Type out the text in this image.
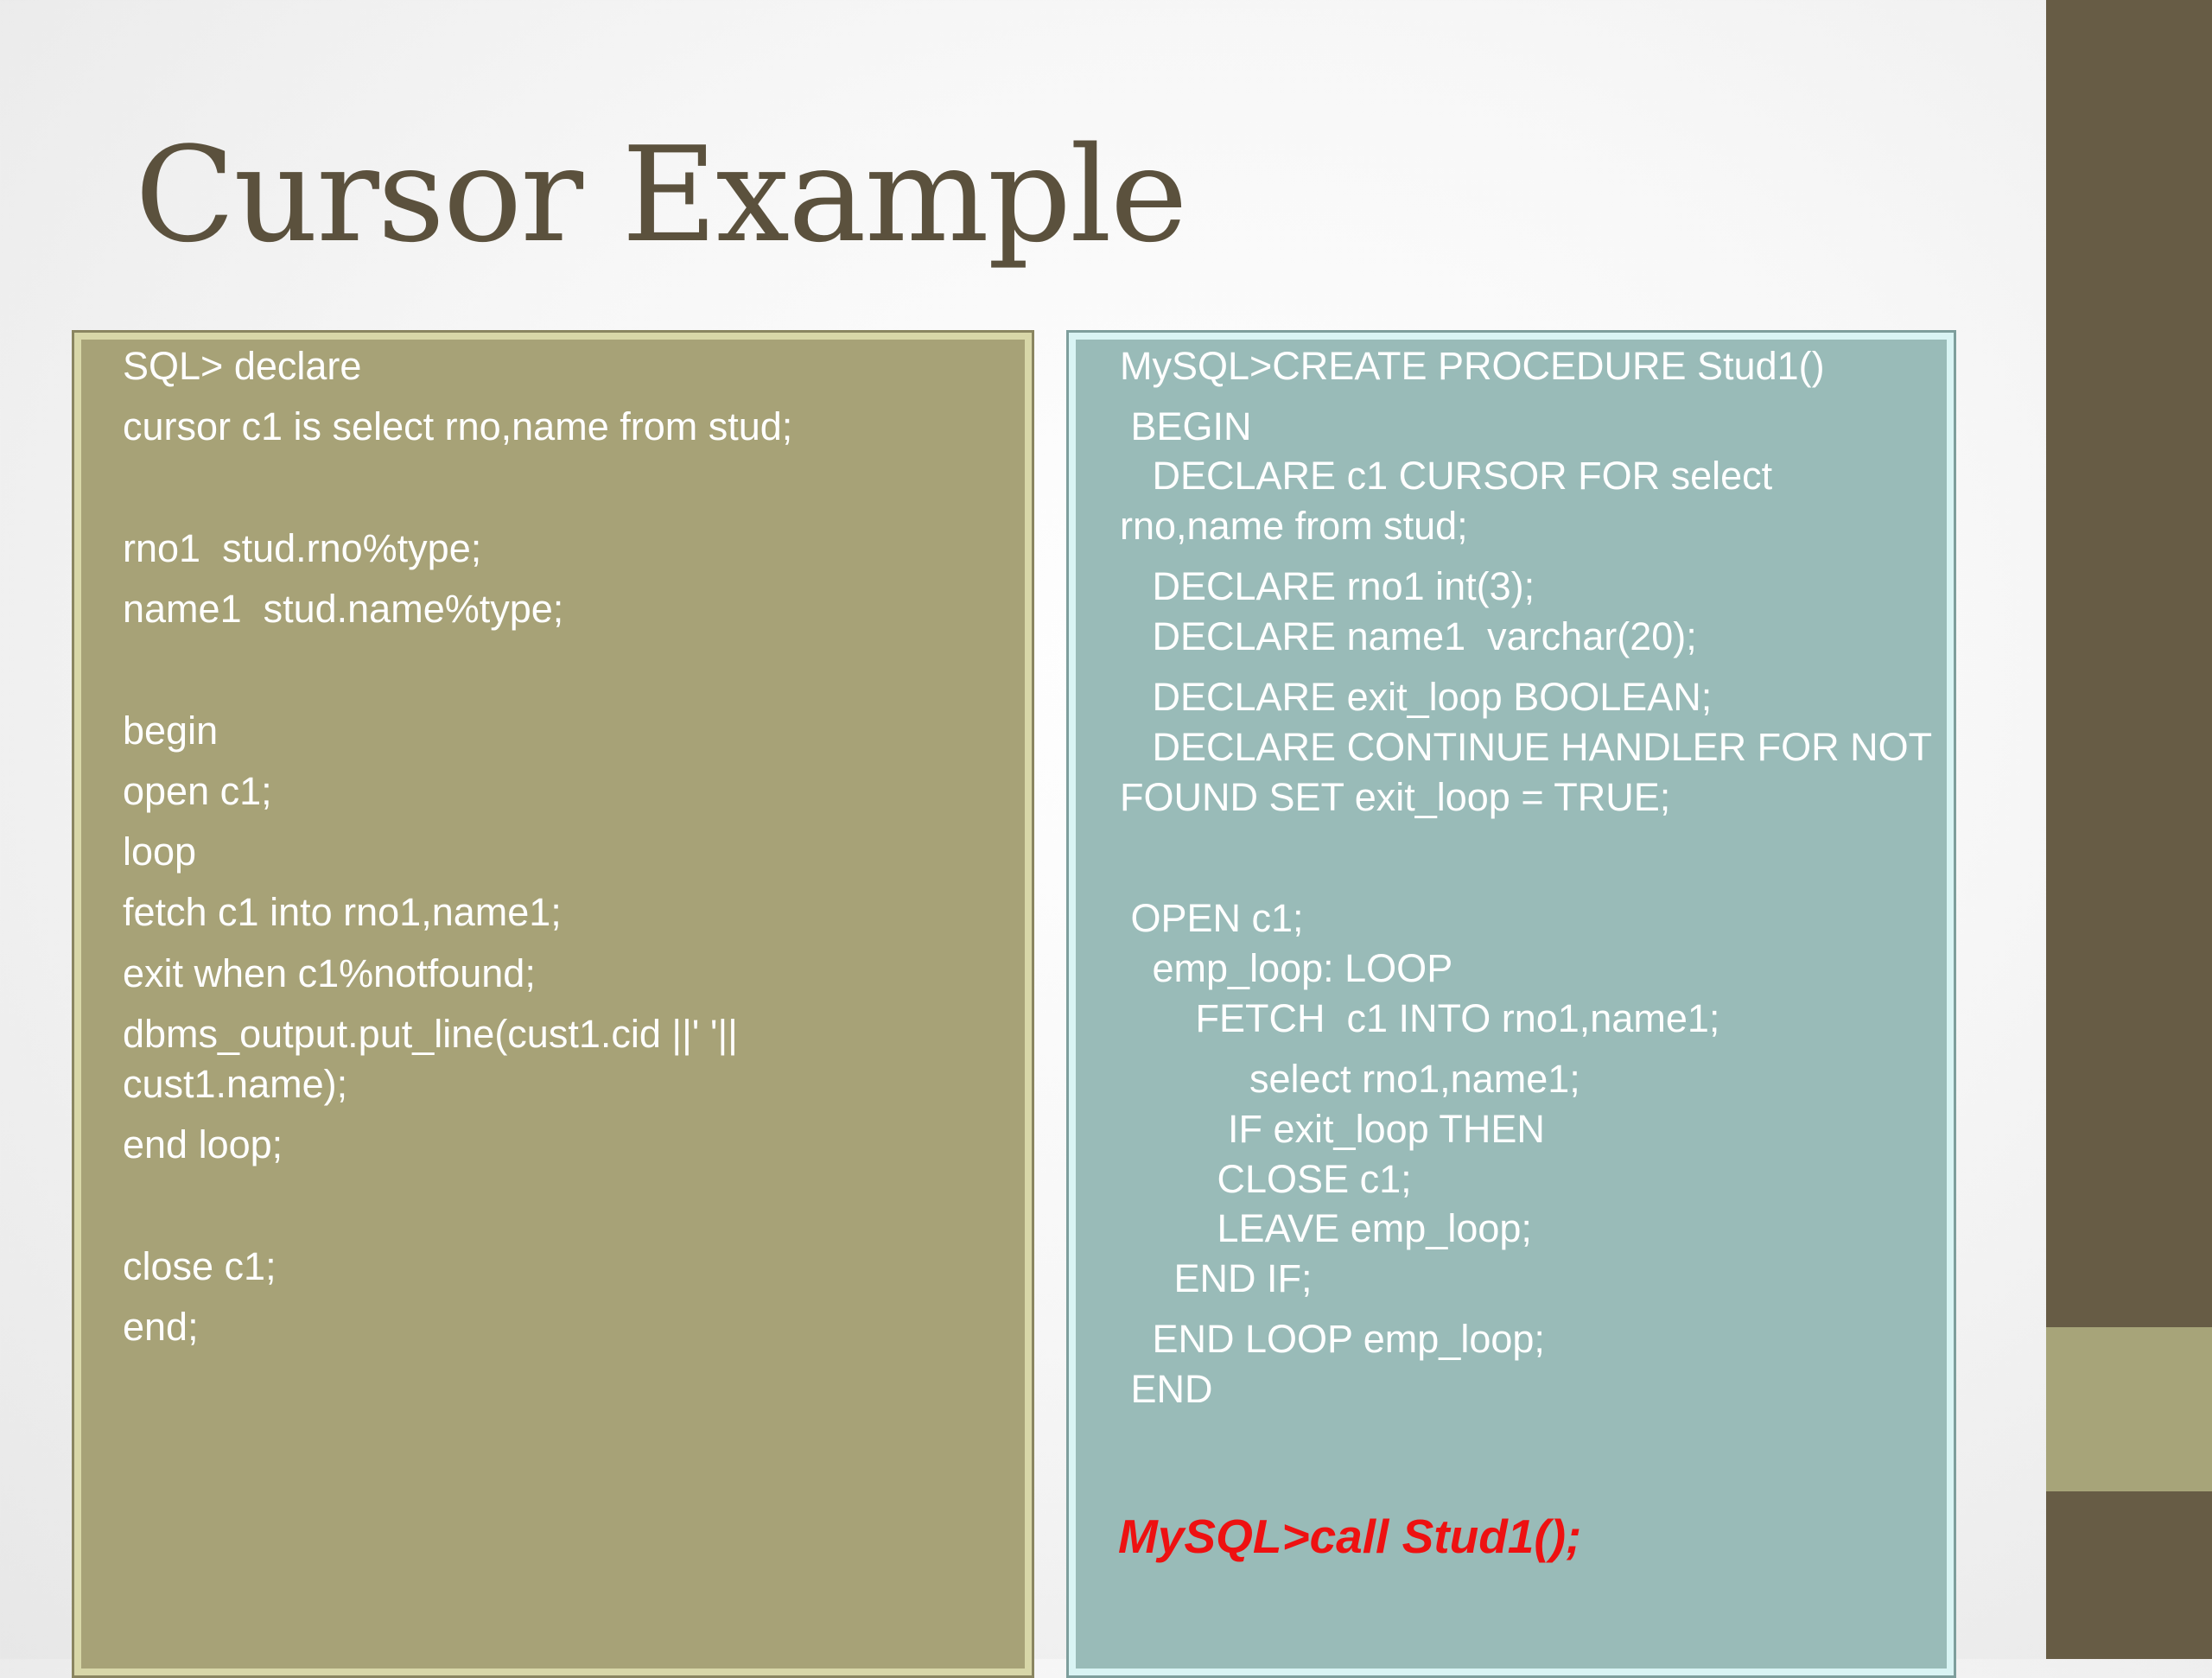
Cursor Example

SQL> declare

cursor c1 is select rno,name from stud;

rno1  stud.rno%type;

name1  stud.name%type;

begin

open c1;

loop

fetch c1 into rno1,name1;

exit when c1%notfound;

dbms_output.put_line(cust1.cid ||' '||

cust1.name);

end loop;

close c1;

end;

MySQL>CREATE PROCEDURE Stud1()

BEGIN

DECLARE c1 CURSOR FOR select

rno,name from stud;

DECLARE rno1 int(3);

DECLARE name1  varchar(20);

DECLARE exit_loop BOOLEAN;

DECLARE CONTINUE HANDLER FOR NOT

FOUND SET exit_loop = TRUE;

OPEN c1;

emp_loop: LOOP

FETCH  c1 INTO rno1,name1;

select rno1,name1;

IF exit_loop THEN

CLOSE c1;

LEAVE emp_loop;

END IF;

END LOOP emp_loop;

END

MySQL>call Stud1();
